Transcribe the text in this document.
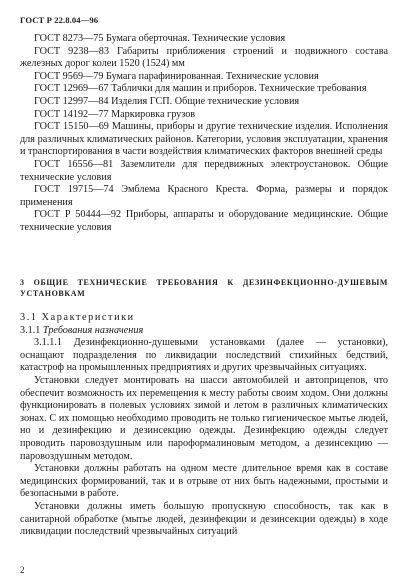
ГОСТ Р 22.8.04—96
ГОСТ 8273—75 Бумага оберточная. Технические условия
ГОСТ 9238—83 Габариты приближения строений и подвижного состава железных дорог колеи 1520 (1524) мм
ГОСТ 9569—79 Бумага парафинированная. Технические условия
ГОСТ 12969—67 Таблички для машин и приборов. Технические требования
ГОСТ 12997—84 Изделия ГСП. Общие технические условия
ГОСТ 14192—77 Маркировка грузов
ГОСТ 15150—69 Машины, приборы и другие технические изделия. Исполнения для различных климатических районов. Категории, условия эксплуатации, хранения и транспортирования в части воздействия климатических факторов внешней среды
ГОСТ 16556—81 Заземлители для передвижных электроустановок. Общие технические условия
ГОСТ 19715—74 Эмблема Красного Креста. Форма, размеры и порядок применения
ГОСТ Р 50444—92 Приборы, аппараты и оборудование медицинские. Общие технические условия
3 ОБЩИЕ ТЕХНИЧЕСКИЕ ТРЕБОВАНИЯ К ДЕЗИНФЕКЦИОННО-ДУШЕВЫМ УСТАНОВКАМ
3.1 Характеристики
3.1.1 Требования назначения
3.1.1.1 Дезинфекционно-душевыми установками (далее — установки), оснащают подразделения по ликвидации последствий стихийных бедствий, катастроф на промышленных предприятиях и других чрезвычайных ситуациях.
Установки следует монтировать на шасси автомобилей и автоприцепов, что обеспечит возможность их перемещения к месту работы своим ходом. Они должны функционировать в полевых условиях зимой и летом в различных климатических зонах. С их помощью необходимо проводить не только гигиеническое мытье людей, но и дезинфекцию и дезинсекцию одежды. Дезинфекцию одежды следует проводить паровоздушным или пароформалиновым методом, а дезинсекцию — паровоздушным методом.
Установки должны работать на одном месте длительное время как в составе медицинских формирований, так и в отрыве от них быть надежными, простыми и безопасными в работе.
Установки должны иметь большую пропускную способность, так как в санитарной обработке (мытье людей, дезинфекции и дезинсекции одежды) в ходе ликвидации последствий чрезвычайных ситуаций
2
